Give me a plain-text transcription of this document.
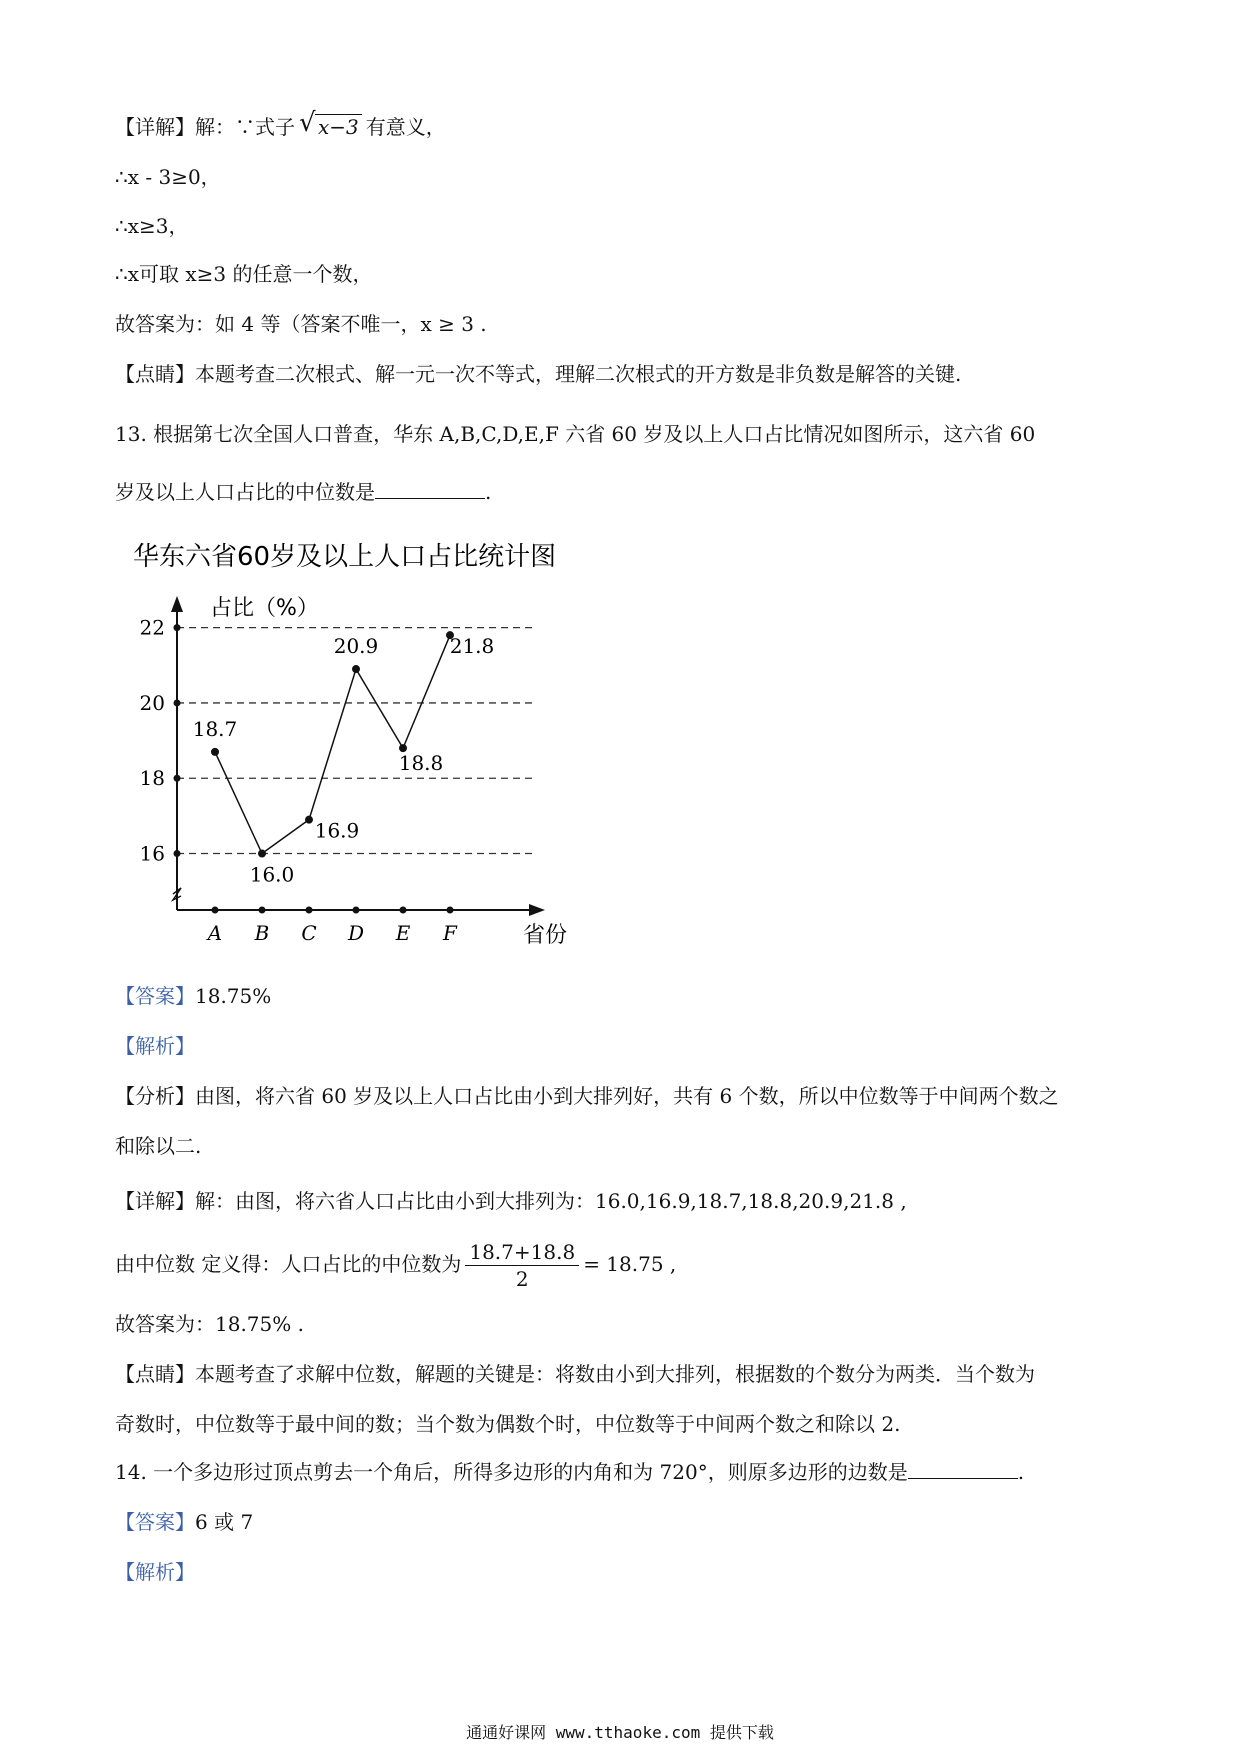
【详解】解：∵式子 √ x−3 有意义，
∴x - 3≥0，
∴x≥3，
∴x可取 x≥3 的任意一个数，
故答案为：如 4 等（答案不唯一，x ≥ 3 .
【点睛】本题考查二次根式、解一元一次不等式，理解二次根式的开方数是非负数是解答的关键.
13. 根据第七次全国人口普查，华东 A,B,C,D,E,F 六省 60 岁及以上人口占比情况如图所示，这六省 60
岁及以上人口占比的中位数是	.
华东六省60岁及以上人口占比统计图
占比（%）
省份
16
18
20
22
A B C D E F
18.7
16.0
16.9
20.9
18.8
21.8
【答案】18.75%
【解析】
【分析】由图，将六省 60 岁及以上人口占比由小到大排列好，共有 6 个数，所以中位数等于中间两个数之
和除以二.
【详解】解：由图，将六省人口占比由小到大排列为：16.0,16.9,18.7,18.8,20.9,21.8 ,
由中位数 定义得：人口占比的中位数为 $\frac{18.7+18.8}{2} = 18.75$ ,
故答案为：18.75% .
【点睛】本题考查了求解中位数，解题的关键是：将数由小到大排列，根据数的个数分为两类．当个数为
奇数时，中位数等于最中间的数；当个数为偶数个时，中位数等于中间两个数之和除以 2.
14. 一个多边形过顶点剪去一个角后，所得多边形的内角和为 720°，则原多边形的边数是	.
【答案】6 或 7
【解析】
通通好课网 www.tthaoke.com 提供下载
